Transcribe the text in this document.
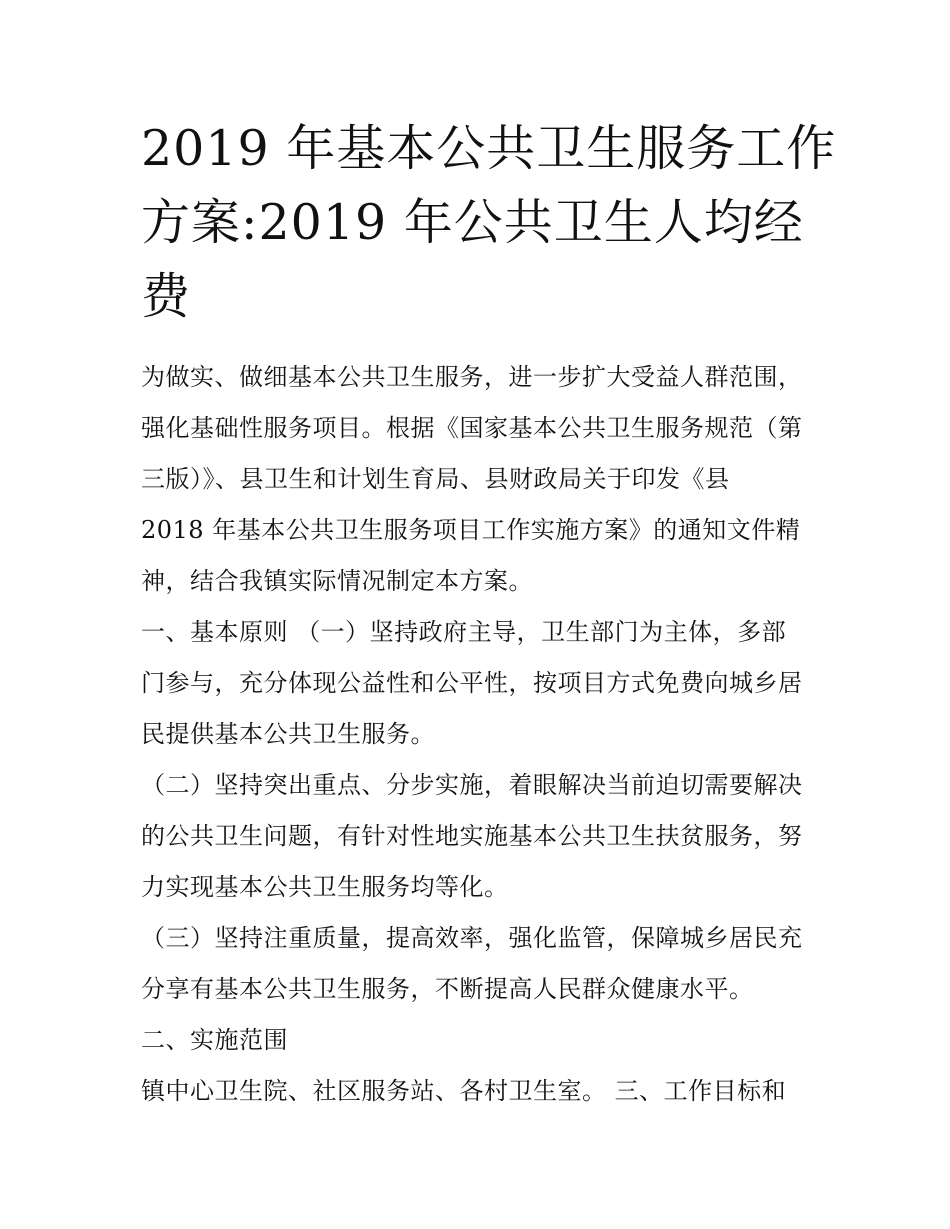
2019 年基本公共卫生服务工作
方案:2019 年公共卫生人均经
费
为做实、做细基本公共卫生服务，进一步扩大受益人群范围，
强化基础性服务项目。根据《国家基本公共卫生服务规范（第
三版）》、县卫生和计划生育局、县财政局关于印发《县
2018 年基本公共卫生服务项目工作实施方案》的通知文件精
神，结合我镇实际情况制定本方案。
一、基本原则 （一）坚持政府主导，卫生部门为主体，多部
门参与，充分体现公益性和公平性，按项目方式免费向城乡居
民提供基本公共卫生服务。
（二）坚持突出重点、分步实施，着眼解决当前迫切需要解决
的公共卫生问题，有针对性地实施基本公共卫生扶贫服务，努
力实现基本公共卫生服务均等化。
（三）坚持注重质量，提高效率，强化监管，保障城乡居民充
分享有基本公共卫生服务，不断提高人民群众健康水平。
二、实施范围
镇中心卫生院、社区服务站、各村卫生室。 三、工作目标和
